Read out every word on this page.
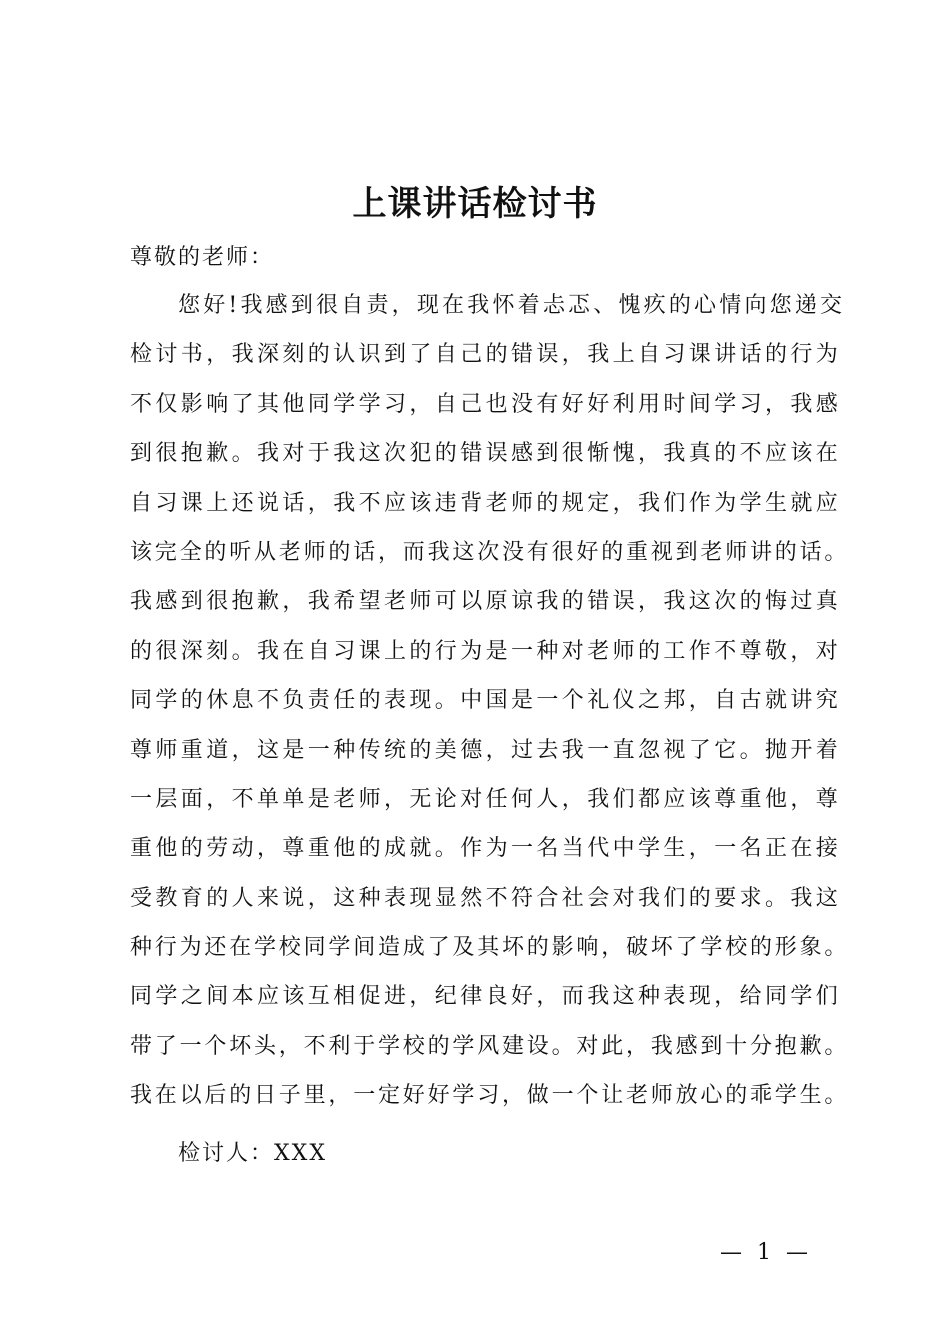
上课讲话检讨书

尊敬的老师：

您好!我感到很自责，现在我怀着忐忑、愧疚的心情向您递交
检讨书，我深刻的认识到了自己的错误，我上自习课讲话的行为
不仅影响了其他同学学习，自己也没有好好利用时间学习，我感
到很抱歉。我对于我这次犯的错误感到很惭愧，我真的不应该在
自习课上还说话，我不应该违背老师的规定，我们作为学生就应
该完全的听从老师的话，而我这次没有很好的重视到老师讲的话。
我感到很抱歉，我希望老师可以原谅我的错误，我这次的悔过真
的很深刻。我在自习课上的行为是一种对老师的工作不尊敬，对
同学的休息不负责任的表现。中国是一个礼仪之邦，自古就讲究
尊师重道，这是一种传统的美德，过去我一直忽视了它。抛开着
一层面，不单单是老师，无论对任何人，我们都应该尊重他，尊
重他的劳动，尊重他的成就。作为一名当代中学生，一名正在接
受教育的人来说，这种表现显然不符合社会对我们的要求。我这
种行为还在学校同学间造成了及其坏的影响，破坏了学校的形象。
同学之间本应该互相促进，纪律良好，而我这种表现，给同学们
带了一个坏头，不利于学校的学风建设。对此，我感到十分抱歉。
我在以后的日子里，一定好好学习，做一个让老师放心的乖学生。

检讨人：XXX

— 1 —
